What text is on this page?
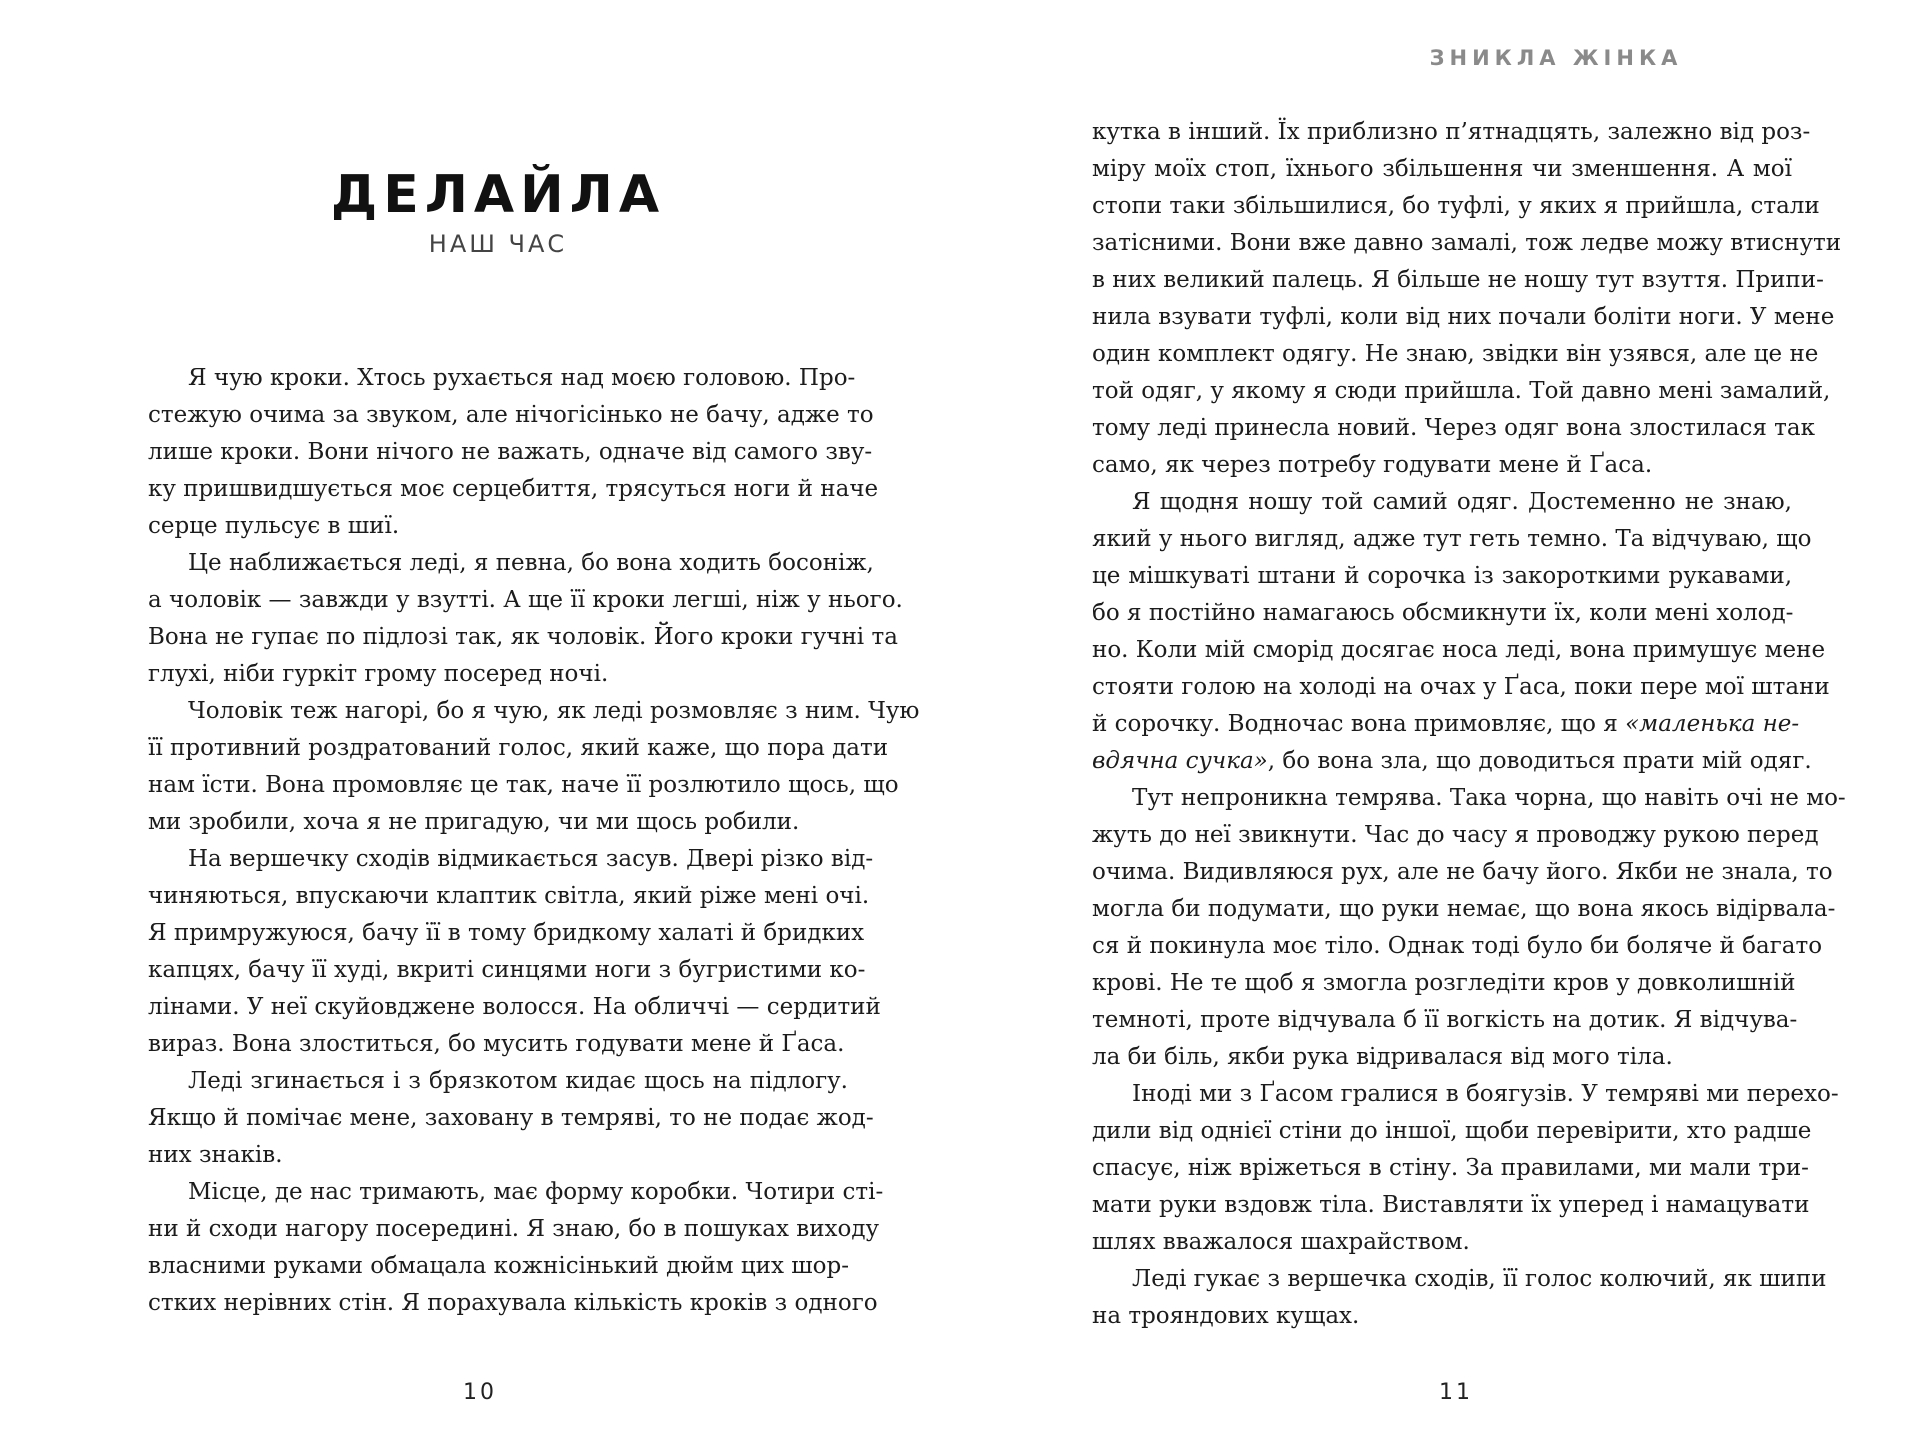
ДЕЛАЙЛА
НАШ ЧАС
Я чую кроки. Хтось рухається над моєю головою. Про-
стежую очима за звуком, але нічогісінько не бачу, адже то
лише кроки. Вони нічого не важать, одначе від самого зву-
ку пришвидшується моє серцебиття, трясуться ноги й наче
серце пульсує в шиї.
Це наближається леді, я певна, бо вона ходить босоніж,
а чоловік — завжди у взутті. А ще її кроки легші, ніж у нього.
Вона не гупає по підлозі так, як чоловік. Його кроки гучні та
глухі, ніби гуркіт грому посеред ночі.
Чоловік теж нагорі, бо я чую, як леді розмовляє з ним. Чую
її противний роздратований голос, який каже, що пора дати
нам їсти. Вона промовляє це так, наче її розлютило щось, що
ми зробили, хоча я не пригадую, чи ми щось робили.
На вершечку сходів відмикається засув. Двері різко від-
чиняються, впускаючи клаптик світла, який ріже мені очі.
Я примружуюся, бачу її в тому бридкому халаті й бридких
капцях, бачу її худі, вкриті синцями ноги з бугристими ко-
лінами. У неї скуйовджене волосся. На обличчі — сердитий
вираз. Вона злоститься, бо мусить годувати мене й Ґаса.
Леді згинається і з брязкотом кидає щось на підлогу.
Якщо й помічає мене, заховану в темряві, то не подає жод-
них знаків.
Місце, де нас тримають, має форму коробки. Чотири сті-
ни й сходи нагору посередині. Я знаю, бо в пошуках виходу
власними руками обмацала кожнісінький дюйм цих шор-
стких нерівних стін. Я порахувала кількість кроків з одного
10
ЗНИКЛА ЖІНКА
кутка в інший. Їх приблизно п’ятнадцять, залежно від роз-
міру моїх стоп, їхнього збільшення чи зменшення. А мої
стопи таки збільшилися, бо туфлі, у яких я прийшла, стали
затісними. Вони вже давно замалі, тож ледве можу втиснути
в них великий палець. Я більше не ношу тут взуття. Припи-
нила взувати туфлі, коли від них почали боліти ноги. У мене
один комплект одягу. Не знаю, звідки він узявся, але це не
той одяг, у якому я сюди прийшла. Той давно мені замалий,
тому леді принесла новий. Через одяг вона злостилася так
само, як через потребу годувати мене й Ґаса.
Я щодня ношу той самий одяг. Достеменно не знаю,
який у нього вигляд, адже тут геть темно. Та відчуваю, що
це мішкуваті штани й сорочка із закороткими рукавами,
бо я постійно намагаюсь обсмикнути їх, коли мені холод-
но. Коли мій сморід досягає носа леді, вона примушує мене
стояти голою на холоді на очах у Ґаса, поки пере мої штани
й сорочку. Водночас вона примовляє, що я «маленька не-
вдячна сучка», бо вона зла, що доводиться прати мій одяг.
Тут непроникна темрява. Така чорна, що навіть очі не мо-
жуть до неї звикнути. Час до часу я проводжу рукою перед
очима. Видивляюся рух, але не бачу його. Якби не знала, то
могла би подумати, що руки немає, що вона якось відірвала-
ся й покинула моє тіло. Однак тоді було би боляче й багато
крові. Не те щоб я змогла розгледіти кров у довколишній
темноті, проте відчувала б її вогкість на дотик. Я відчува-
ла би біль, якби рука відривалася від мого тіла.
Іноді ми з Ґасом гралися в боягузів. У темряві ми перехо-
дили від однієї стіни до іншої, щоби перевірити, хто радше
спасує, ніж вріжеться в стіну. За правилами, ми мали три-
мати руки вздовж тіла. Виставляти їх уперед і намацувати
шлях вважалося шахрайством.
Леді гукає з вершечка сходів, її голос колючий, як шипи
на трояндових кущах.
11
